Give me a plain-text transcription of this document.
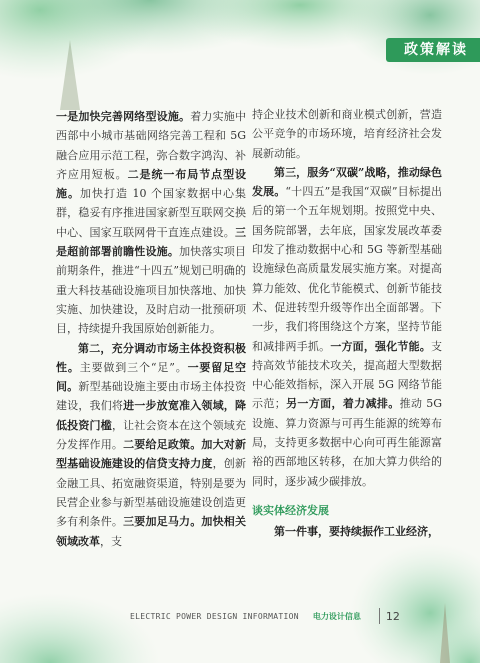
政策解读

一是加快完善网络型设施。着力实施中西部中小城市基础网络完善工程和 5G 融合应用示范工程，弥合数字鸿沟、补齐应用短板。二是统一布局节点型设施。加快打造 10 个国家数据中心集群，稳妥有序推进国家新型互联网交换中心、国家互联网骨干直连点建设。三是超前部署前瞻性设施。加快落实项目前期条件，推进“十四五”规划已明确的重大科技基础设施项目加快落地、加快实施、加快建设，及时启动一批预研项目，持续提升我国原始创新能力。

第二，充分调动市场主体投资积极性。主要做到三个“足”。一要留足空间。新型基础设施主要由市场主体投资建设，我们将进一步放宽准入领域，降低投资门槛，让社会资本在这个领域充分发挥作用。二要给足政策。加大对新型基础设施建设的信贷支持力度，创新金融工具、拓宽融资渠道，特别是要为民营企业参与新型基础设施建设创造更多有利条件。三要加足马力。加快相关领域改革，支

持企业技术创新和商业模式创新，营造公平竞争的市场环境，培育经济社会发展新动能。

第三，服务“双碳”战略，推动绿色发展。“十四五”是我国“双碳”目标提出后的第一个五年规划期。按照党中央、国务院部署，去年底，国家发展改革委印发了推动数据中心和 5G 等新型基础设施绿色高质量发展实施方案。对提高算力能效、优化节能模式、创新节能技术、促进转型升级等作出全面部署。下一步，我们将围绕这个方案，坚持节能和减排两手抓。一方面，强化节能。支持高效节能技术攻关，提高超大型数据中心能效指标，深入开展 5G 网络节能示范；另一方面，着力减排。推动 5G 设施、算力资源与可再生能源的统筹布局，支持更多数据中心向可再生能源富裕的西部地区转移，在加大算力供给的同时，逐步减少碳排放。

谈实体经济发展

第一件事，要持续振作工业经济，

ELECTRIC POWER DESIGN INFORMATION 电力设计信息 12
